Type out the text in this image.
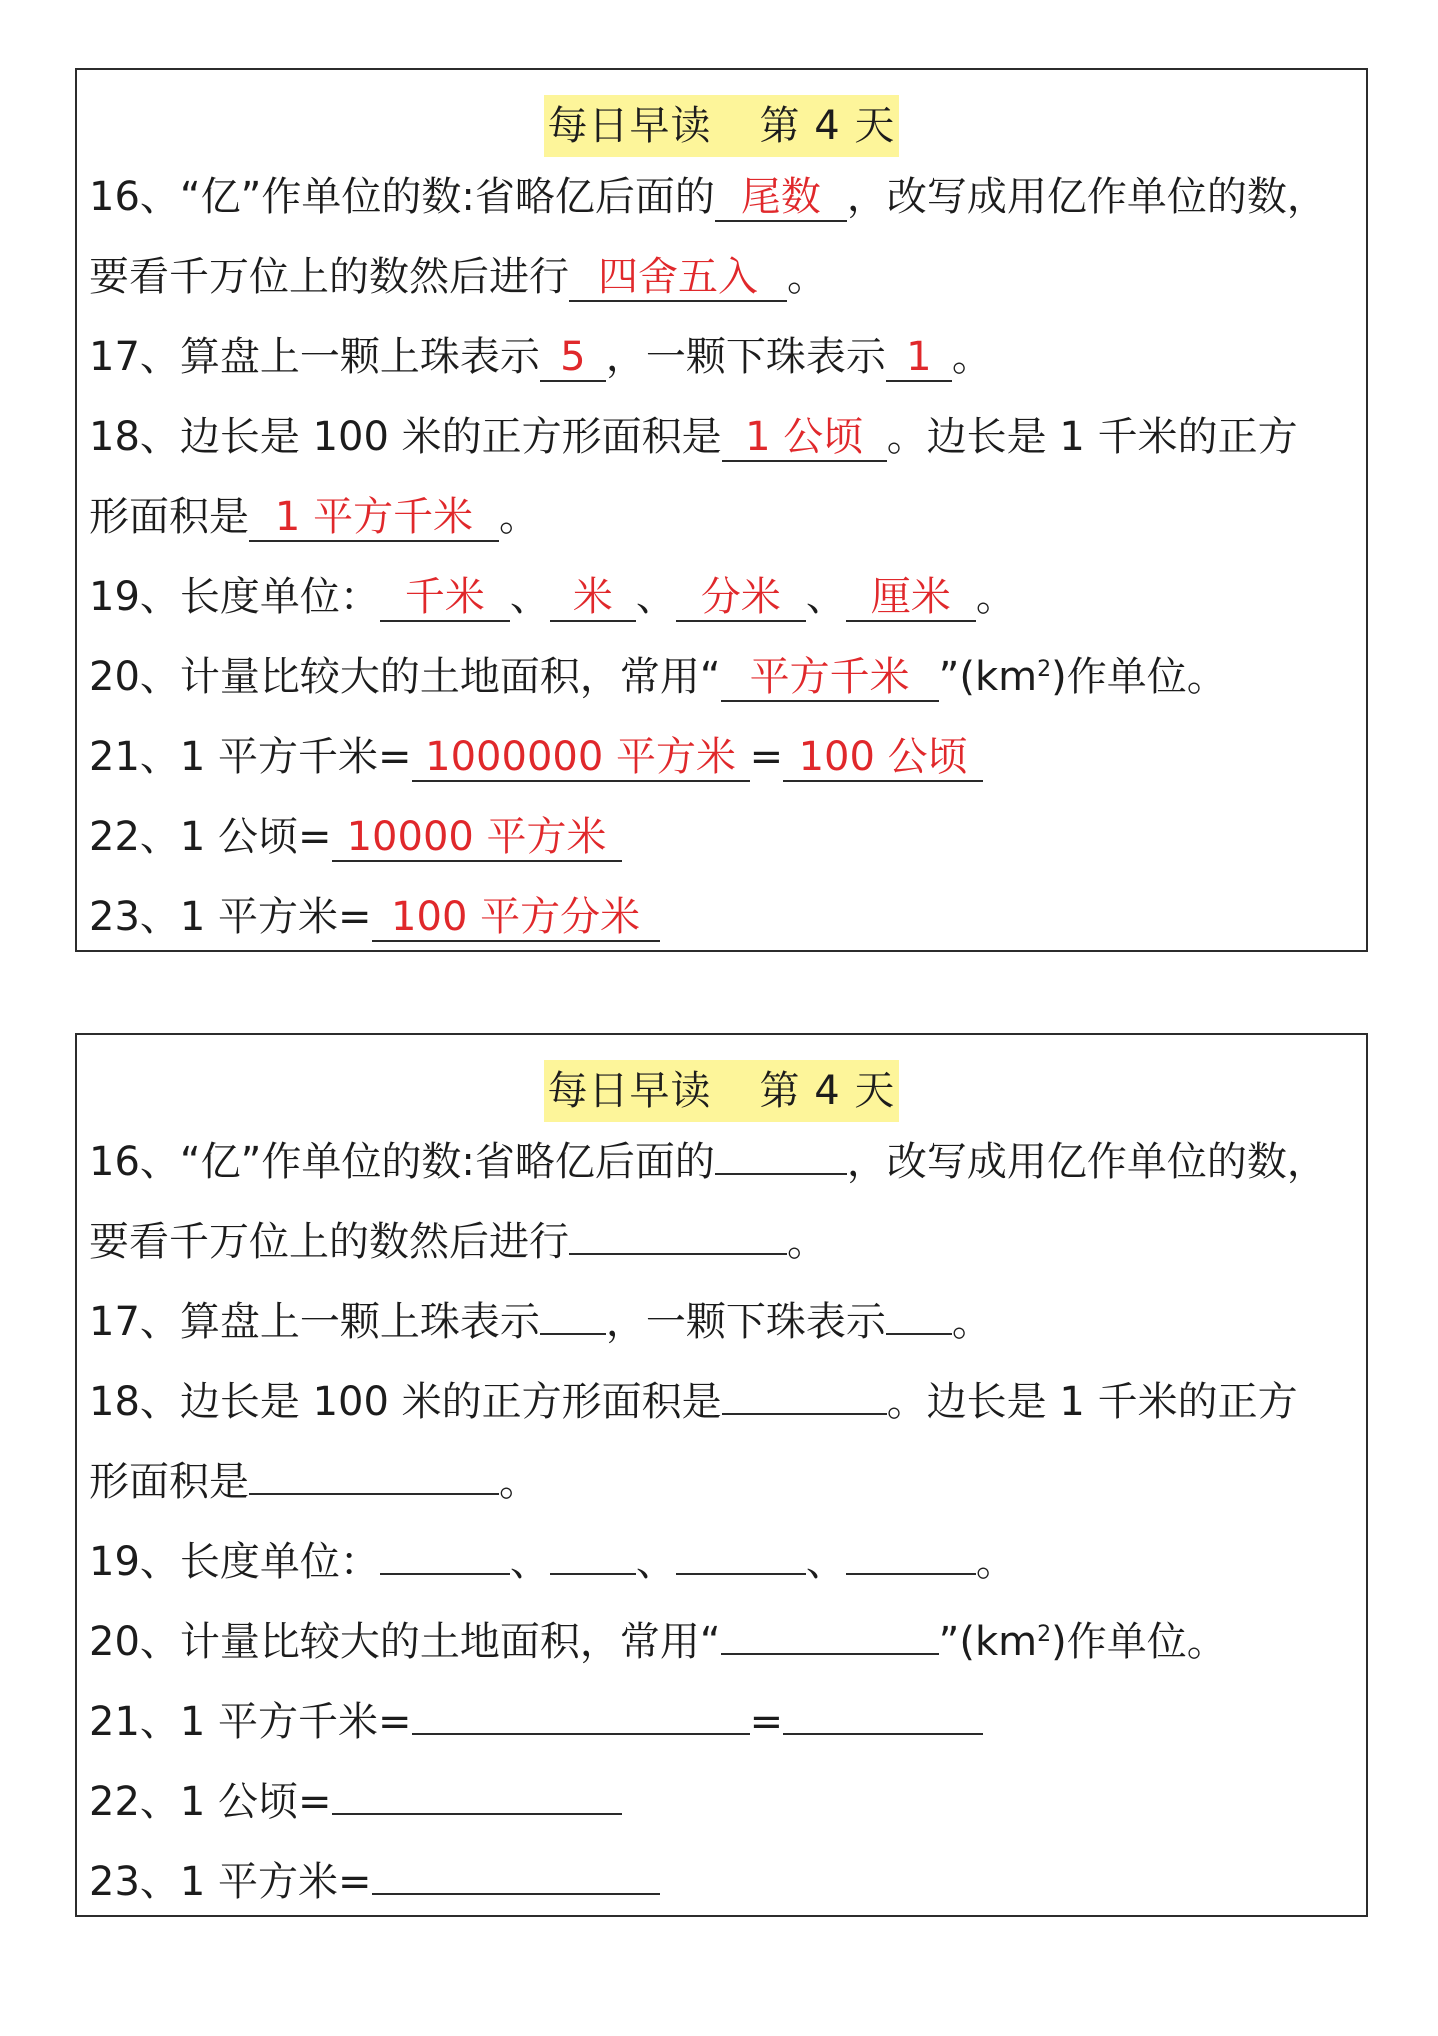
每日早读 第 4 天
16、“亿”作单位的数:省略亿后面的 尾数 ，改写成用亿作单位的数，
要看千万位上的数然后进行 四舍五入 。
17、算盘上一颗上珠表示 5 ，一颗下珠表示 1 。
18、边长是 100 米的正方形面积是 1 公顷 。边长是 1 千米的正方
形面积是 1 平方千米 。
19、长度单位： 千米 、 米 、 分米 、 厘米 。
20、计量比较大的土地面积，常用“ 平方千米 $”(km^2)$作单位。
21、1 平方千米= 1000000 平方米 = 100 公顷
22、1 公顷= 10000 平方米
23、1 平方米= 100 平方分米
每日早读 第 4 天
16、“亿”作单位的数:省略亿后面的	，改写成用亿作单位的数，
要看千万位上的数然后进行	。
17、算盘上一颗上珠表示 ，一颗下珠表示 。
18、边长是 100 米的正方形面积是	。边长是 1 千米的正方
形面积是	。
19、长度单位：	、 、	、	。
20、计量比较大的土地面积，常用“	$”(km^2)$作单位。
21、1 平方千米=	=
22、1 公顷=
23、1 平方米=
